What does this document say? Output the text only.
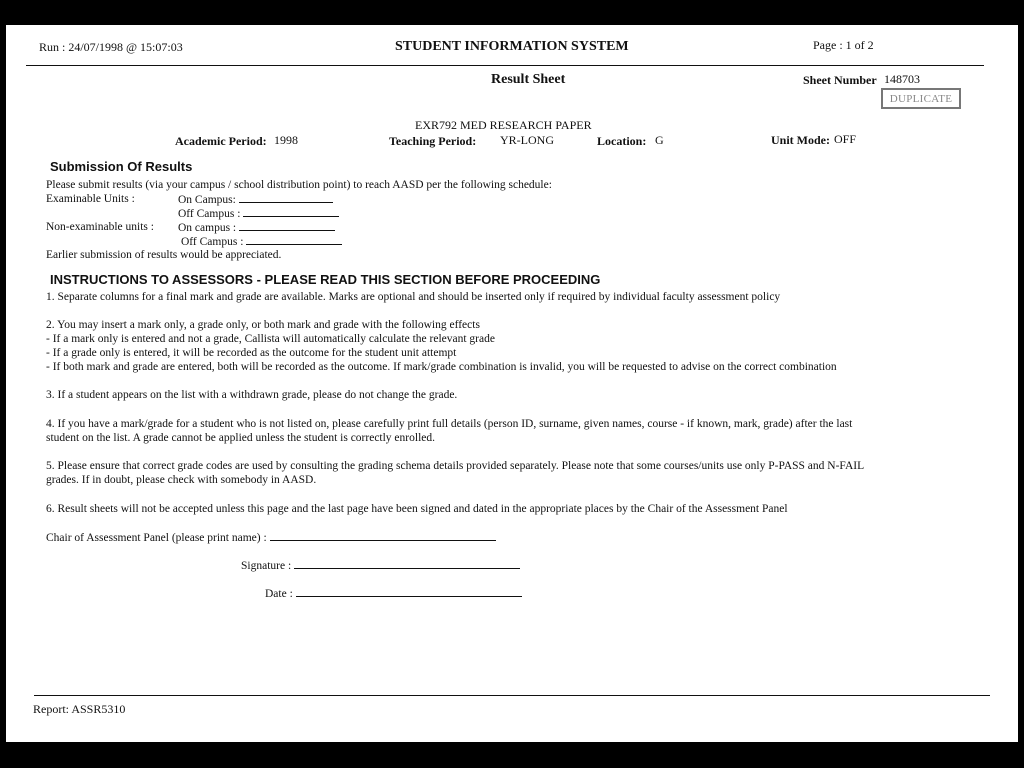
Run : 24/07/1998 @ 15:07:03	STUDENT INFORMATION SYSTEM	Page : 1 of 2
Result Sheet	Sheet Number 148703
DUPLICATE
EXR792 MED RESEARCH PAPER
Academic Period: 1998	Teaching Period: YR-LONG	Location: G	Unit Mode: OFF
Submission Of Results
Please submit results (via your campus / school distribution point) to reach AASD per the following schedule:
Examinable Units :	On Campus:
Off Campus :
Non-examinable units : On campus :
Off Campus :
Earlier submission of results would be appreciated.
INSTRUCTIONS TO ASSESSORS - PLEASE READ THIS SECTION BEFORE PROCEEDING
1. Separate columns for a final mark and grade are available. Marks are optional and should be inserted only if required by individual faculty assessment policy
2. You may insert a mark only, a grade only, or both mark and grade with the following effects
- If a mark only is entered and not a grade, Callista will automatically calculate the relevant grade
- If a grade only is entered, it will be recorded as the outcome for the student unit attempt
- If both mark and grade are entered, both will be recorded as the outcome. If mark/grade combination is invalid, you will be requested to advise on the correct combination
3. If a student appears on the list with a withdrawn grade, please do not change the grade.
4. If you have a mark/grade for a student who is not listed on, please carefully print full details (person ID, surname, given names, course - if known, mark, grade) after the last
student on the list. A grade cannot be applied unless the student is correctly enrolled.
5. Please ensure that correct grade codes are used by consulting the grading schema details provided separately. Please note that some courses/units use only P-PASS and N-FAIL
grades. If in doubt, please check with somebody in AASD.
6. Result sheets will not be accepted unless this page and the last page have been signed and dated in the appropriate places by the Chair of the Assessment Panel
Chair of Assessment Panel (please print name) :
Signature :
Date :
Report: ASSR5310
